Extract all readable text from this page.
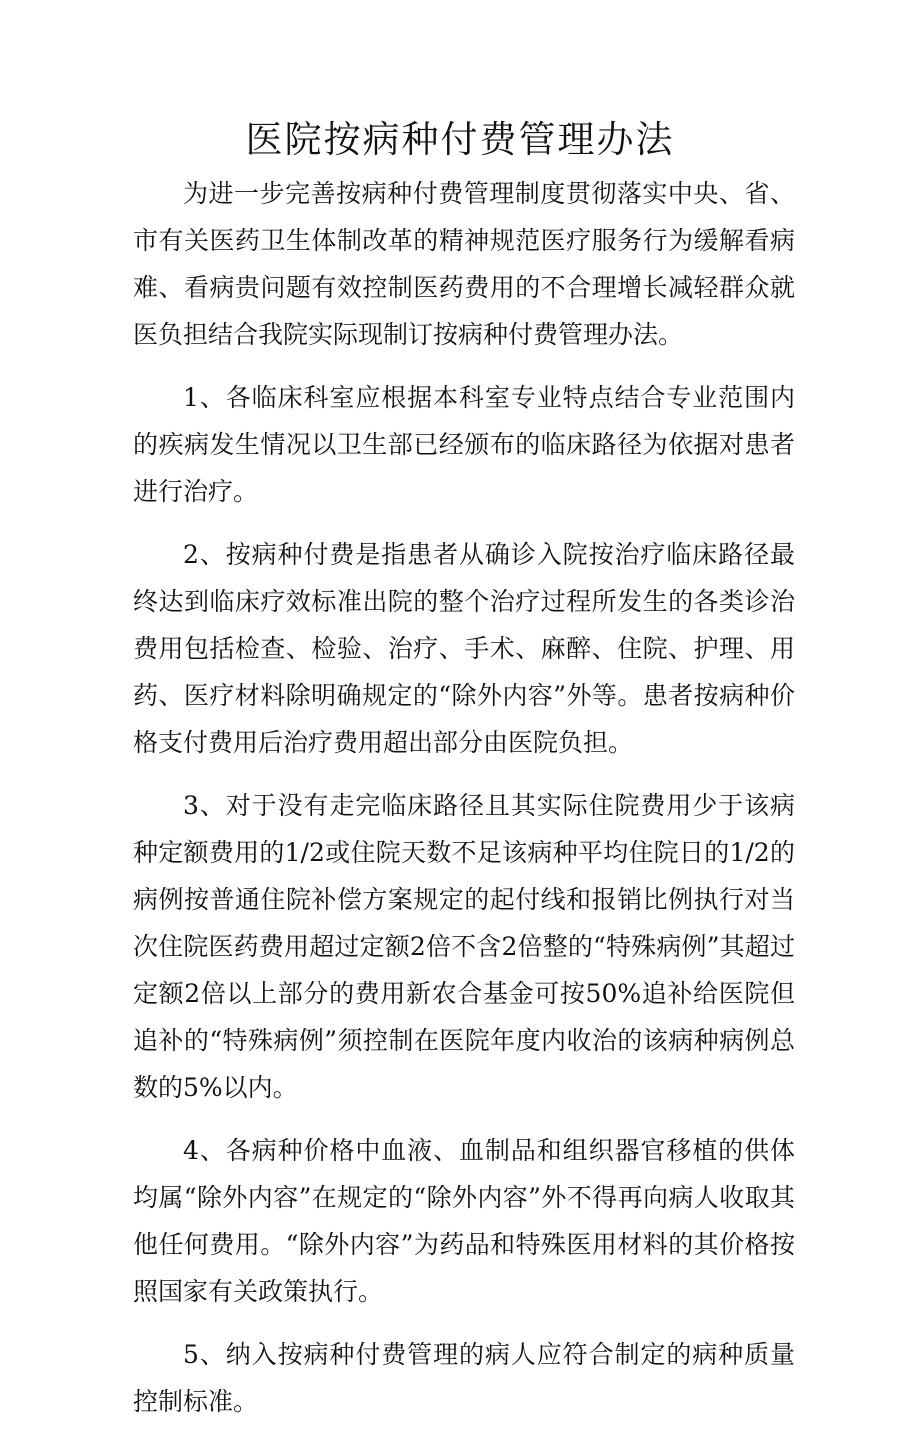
医院按病种付费管理办法

为进一步完善按病种付费管理制度贯彻落实中央、省、市有关医药卫生体制改革的精神规范医疗服务行为缓解看病难、看病贵问题有效控制医药费用的不合理增长减轻群众就医负担结合我院实际现制订按病种付费管理办法。

1、各临床科室应根据本科室专业特点结合专业范围内的疾病发生情况以卫生部已经颁布的临床路径为依据对患者进行治疗。

2、按病种付费是指患者从确诊入院按治疗临床路径最终达到临床疗效标准出院的整个治疗过程所发生的各类诊治费用包括检查、检验、治疗、手术、麻醉、住院、护理、用药、医疗材料除明确规定的“除外内容”外等。患者按病种价格支付费用后治疗费用超出部分由医院负担。

3、对于没有走完临床路径且其实际住院费用少于该病种定额费用的1/2或住院天数不足该病种平均住院日的1/2的病例按普通住院补偿方案规定的起付线和报销比例执行对当次住院医药费用超过定额2倍不含2倍整的“特殊病例”其超过定额2倍以上部分的费用新农合基金可按50%追补给医院但追补的“特殊病例”须控制在医院年度内收治的该病种病例总数的5%以内。

4、各病种价格中血液、血制品和组织器官移植的供体均属“除外内容”在规定的“除外内容”外不得再向病人收取其他任何费用。“除外内容”为药品和特殊医用材料的其价格按照国家有关政策执行。

5、纳入按病种付费管理的病人应符合制定的病种质量控制标准。
